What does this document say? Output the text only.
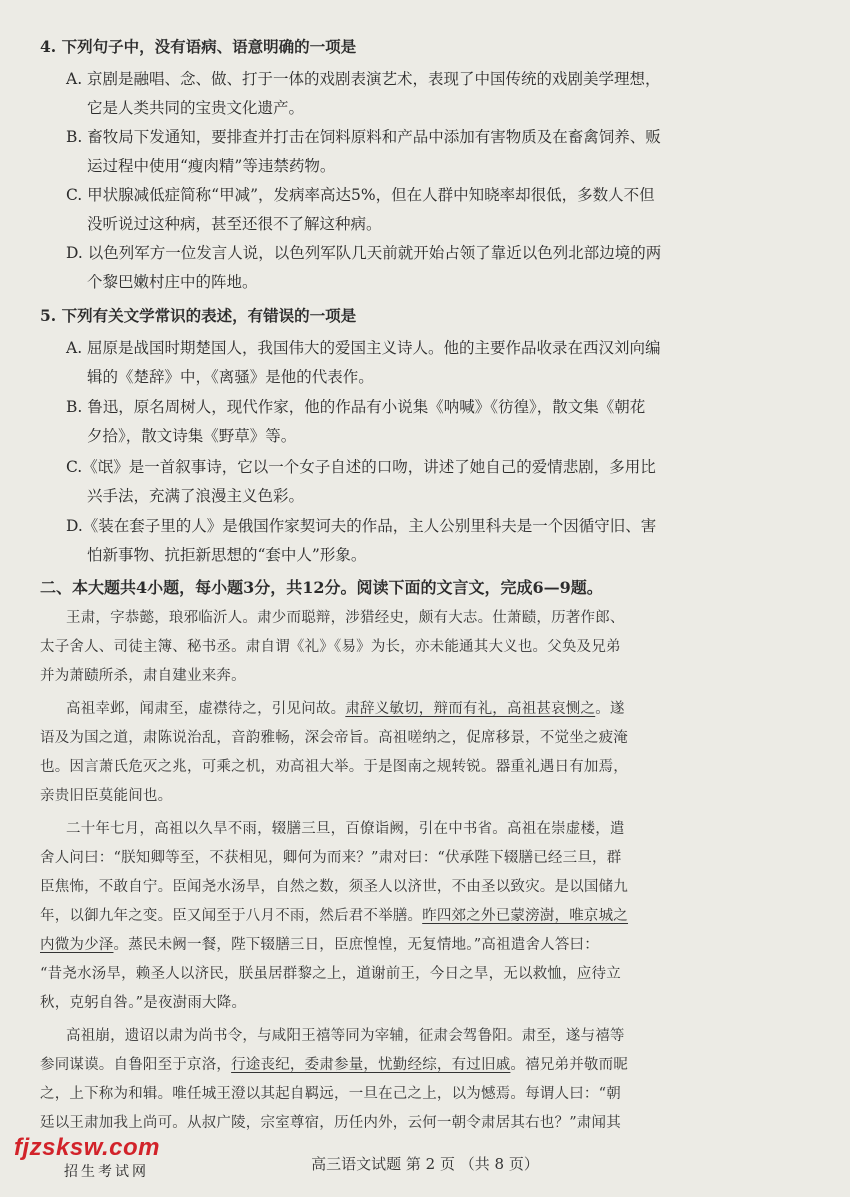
4. 下列句子中，没有语病、语意明确的一项是
A. 京剧是融唱、念、做、打于一体的戏剧表演艺术，表现了中国传统的戏剧美学理想，
它是人类共同的宝贵文化遗产。
B. 畜牧局下发通知，要排查并打击在饲料原料和产品中添加有害物质及在畜禽饲养、贩
运过程中使用“瘦肉精”等违禁药物。
C. 甲状腺减低症简称“甲减”，发病率高达5%，但在人群中知晓率却很低，多数人不但
没听说过这种病，甚至还很不了解这种病。
D. 以色列军方一位发言人说，以色列军队几天前就开始占领了靠近以色列北部边境的两
个黎巴嫩村庄中的阵地。
5. 下列有关文学常识的表述，有错误的一项是
A. 屈原是战国时期楚国人，我国伟大的爱国主义诗人。他的主要作品收录在西汉刘向编
辑的《楚辞》中，《离骚》是他的代表作。
B. 鲁迅，原名周树人，现代作家，他的作品有小说集《呐喊》《彷徨》，散文集《朝花
夕拾》，散文诗集《野草》等。
C.《氓》是一首叙事诗，它以一个女子自述的口吻，讲述了她自己的爱情悲剧，多用比
兴手法，充满了浪漫主义色彩。
D.《装在套子里的人》是俄国作家契诃夫的作品，主人公别里科夫是一个因循守旧、害
怕新事物、抗拒新思想的“套中人”形象。
二、本大题共4小题，每小题3分，共12分。阅读下面的文言文，完成6—9题。
王肃，字恭懿，琅邪临沂人。肃少而聪辩，涉猎经史，颇有大志。仕萧赜，历著作郎、
太子舍人、司徒主簿、秘书丞。肃自谓《礼》《易》为长，亦未能通其大义也。父奂及兄弟
并为萧赜所杀，肃自建业来奔。
高祖幸邺，闻肃至，虚襟待之，引见问故。肃辞义敏切，辩而有礼，高祖甚哀恻之。遂
语及为国之道，肃陈说治乱，音韵雅畅，深会帝旨。高祖嗟纳之，促席移景，不觉坐之疲淹
也。因言萧氏危灭之兆，可乘之机，劝高祖大举。于是图南之规转锐。器重礼遇日有加焉，
亲贵旧臣莫能间也。
二十年七月，高祖以久旱不雨，辍膳三旦，百僚诣阙，引在中书省。高祖在崇虚楼，遣
舍人问曰：“朕知卿等至，不获相见，卿何为而来？”肃对曰：“伏承陛下辍膳已经三旦，群
臣焦怖，不敢自宁。臣闻尧水汤旱，自然之数，须圣人以济世，不由圣以致灾。是以国储九
年，以御九年之变。臣又闻至于八月不雨，然后君不举膳。昨四郊之外已蒙滂澍，唯京城之
内微为少泽。蒸民未阙一餐，陛下辍膳三日，臣庶惶惶，无复情地。”高祖遣舍人答曰：
“昔尧水汤旱，赖圣人以济民，朕虽居群黎之上，道谢前王，今日之旱，无以救恤，应待立
秋，克躬自咎。”是夜澍雨大降。
高祖崩，遗诏以肃为尚书令，与咸阳王禧等同为宰辅，征肃会驾鲁阳。肃至，遂与禧等
参同谋谟。自鲁阳至于京洛，行途丧纪，委肃参量，忧勤经综，有过旧戚。禧兄弟并敬而昵
之，上下称为和辑。唯任城王澄以其起自羁远，一旦在己之上，以为憾焉。每谓人曰：“朝
廷以王肃加我上尚可。从叔广陵，宗室尊宿，历任内外，云何一朝令肃居其右也？”肃闻其
高三语文试题 第 2 页 （共 8 页）
fjzsksw.com
招生考试网
